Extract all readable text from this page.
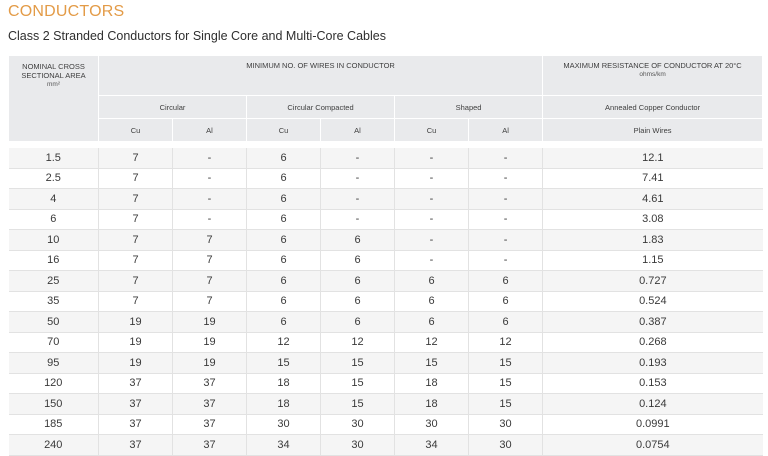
CONDUCTORS
Class 2 Stranded Conductors for Single Core and Multi-Core Cables
NOMINAL CROSS
SECTIONAL AREA

mm²	MINIMUM NO. OF WIRES IN CONDUCTOR						MAXIMUM RESISTANCE OF CONDUCTOR AT 20°C
ohms/km

	Circular		Circular Compacted		Shaped		Annealed Copper Conductor
	Cu	Al	Cu	Al	Cu	Al	Plain Wires

1.5	7	-	6	-	-	-	12.1
2.5	7	-	6	-	-	-	7.41
4	7	-	6	-	-	-	4.61
6	7	-	6	-	-	-	3.08
10	7	7	6	6	-	-	1.83
16	7	7	6	6	-	-	1.15
25	7	7	6	6	6	6	0.727
35	7	7	6	6	6	6	0.524
50	19	19	6	6	6	6	0.387
70	19	19	12	12	12	12	0.268
95	19	19	15	15	15	15	0.193
120	37	37	18	15	18	15	0.153
150	37	37	18	15	18	15	0.124
185	37	37	30	30	30	30	0.0991
240	37	37	34	30	34	30	0.0754
